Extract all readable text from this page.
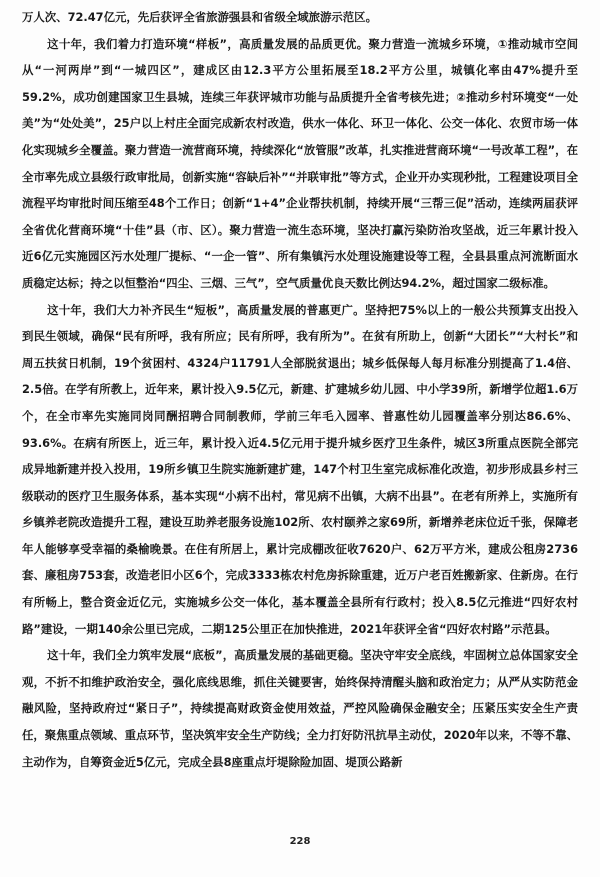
万人次、72.47亿元，先后获评全省旅游强县和省级全域旅游示范区。

这十年，我们着力打造环境“样板”，高质量发展的品质更优。聚力营造一流城乡环境，①推动城市空间从“一河两岸”到“一城四区”，建成区由12.3平方公里拓展至18.2平方公里，城镇化率由47%提升至59.2%，成功创建国家卫生县城，连续三年获评城市功能与品质提升全省考核先进；②推动乡村环境变“一处美”为“处处美”，25户以上村庄全面完成新农村改造，供水一体化、环卫一体化、公交一体化、农贸市场一体化实现城乡全覆盖。聚力营造一流营商环境，持续深化“放管服”改革，扎实推进营商环境“一号改革工程”，在全市率先成立县级行政审批局，创新实施“容缺后补”“并联审批”等方式，企业开办实现秒批，工程建设项目全流程平均审批时间压缩至48个工作日；创新“1+4”企业帮扶机制，持续开展“三帮三促”活动，连续两届获评全省优化营商环境“十佳”县（市、区）。聚力营造一流生态环境，坚决打赢污染防治攻坚战，近三年累计投入近6亿元实施园区污水处理厂提标、“一企一管”、所有集镇污水处理设施建设等工程，全县县重点河流断面水质稳定达标；持之以恒整治“四尘、三烟、三气”，空气质量优良天数比例达94.2%，超过国家二级标准。

这十年，我们大力补齐民生“短板”，高质量发展的普惠更广。坚持把75%以上的一般公共预算支出投入到民生领域，确保“民有所呼，我有所应；民有所呼，我有所为”。在贫有所助上，创新“大团长”“大村长”和周五扶贫日机制，19个贫困村、4324户11791人全部脱贫退出；城乡低保每人每月标准分别提高了1.4倍、2.5倍。在学有所教上，近年来，累计投入9.5亿元，新建、扩建城乡幼儿园、中小学39所，新增学位超1.6万个，在全市率先实施同岗同酬招聘合同制教师，学前三年毛入园率、普惠性幼儿园覆盖率分别达86.6%、93.6%。在病有所医上，近三年，累计投入近4.5亿元用于提升城乡医疗卫生条件，城区3所重点医院全部完成异地新建并投入投用，19所乡镇卫生院实施新建扩建，147个村卫生室完成标准化改造，初步形成县乡村三级联动的医疗卫生服务体系，基本实现“小病不出村，常见病不出镇，大病不出县”。在老有所养上，实施所有乡镇养老院改造提升工程，建设互助养老服务设施102所、农村颐养之家69所，新增养老床位近千张，保障老年人能够享受幸福的桑榆晚景。在住有所居上，累计完成棚改征收7620户、62万平方米，建成公租房2736套、廉租房753套，改造老旧小区6个，完成3333栋农村危房拆除重建，近万户老百姓搬新家、住新房。在行有所畅上，整合资金近亿元，实施城乡公交一体化，基本覆盖全县所有行政村；投入8.5亿元推进“四好农村路”建设，一期140余公里已完成，二期125公里正在加快推进，2021年获评全省“四好农村路”示范县。

这十年，我们全力筑牢发展“底板”，高质量发展的基础更稳。坚决守牢安全底线，牢固树立总体国家安全观，不折不扣维护政治安全，强化底线思维，抓住关键要害，始终保持清醒头脑和政治定力；从严从实防范金融风险，坚持政府过“紧日子”，持续提高财政资金使用效益，严控风险确保金融安全；压紧压实安全生产责任，聚焦重点领域、重点环节，坚决筑牢安全生产防线；全力打好防汛抗旱主动仗，2020年以来，不等不靠、主动作为，自筹资金近5亿元，完成全县8座重点圩堤除险加固、堤顶公路新

228
